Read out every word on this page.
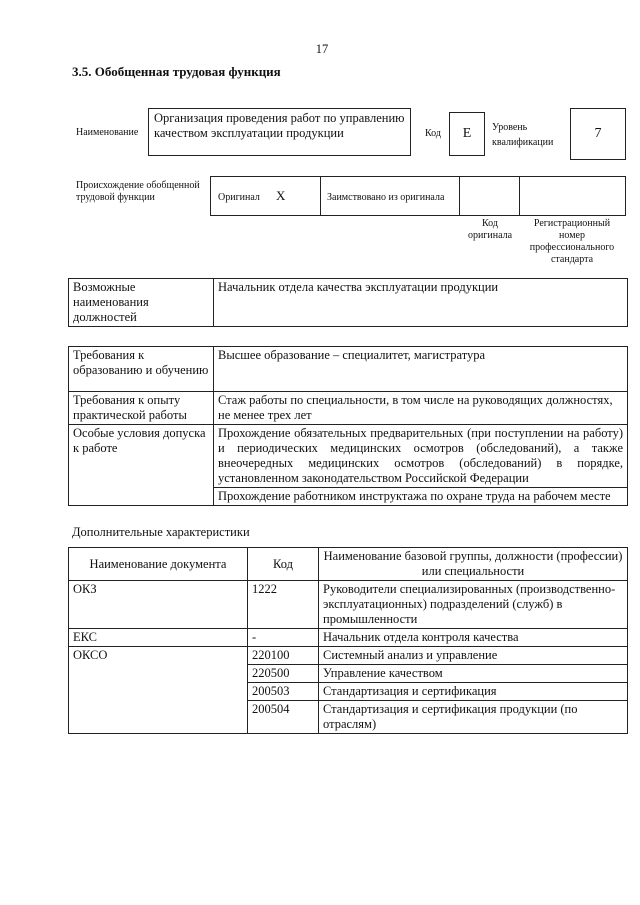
17
3.5. Обобщенная трудовая функция
Наименование
Организация проведения работ по управлению качеством эксплуатации продукции	Код	E	Уровень
квалификации
7
Происхождение обобщенной трудовой функции	Оригинал X	Заимствовано из оригинала
Код оригинала
Регистрационный номер профессионального стандарта
Возможные наименования должностей	Начальник отдела качества эксплуатации продукции
Требования к образованию и обучению	Высшее образование – специалитет, магистратура
Требования к опыту практической работы	Стаж работы по специальности, в том числе на руководящих должностях, не менее трех лет
Особые условия допуска к работе	Прохождение обязательных предварительных (при поступлении на работу) и периодических медицинских осмотров (обследований), а также внеочередных медицинских осмотров (обследований) в порядке, установленном законодательством Российской Федерации
	Прохождение работником инструктажа по охране труда на рабочем месте
Дополнительные характеристики
Наименование документа	Код	Наименование базовой группы, должности (профессии) или специальности
ОКЗ	1222	Руководители специализированных (производственно-эксплуатационных) подразделений (служб) в промышленности
ЕКС	-	Начальник отдела контроля качества
ОКСО	220100	Системный анализ и управление
	220500	Управление качеством
	200503	Стандартизация и сертификация
	200504	Стандартизация и сертификация продукции (по отраслям)
